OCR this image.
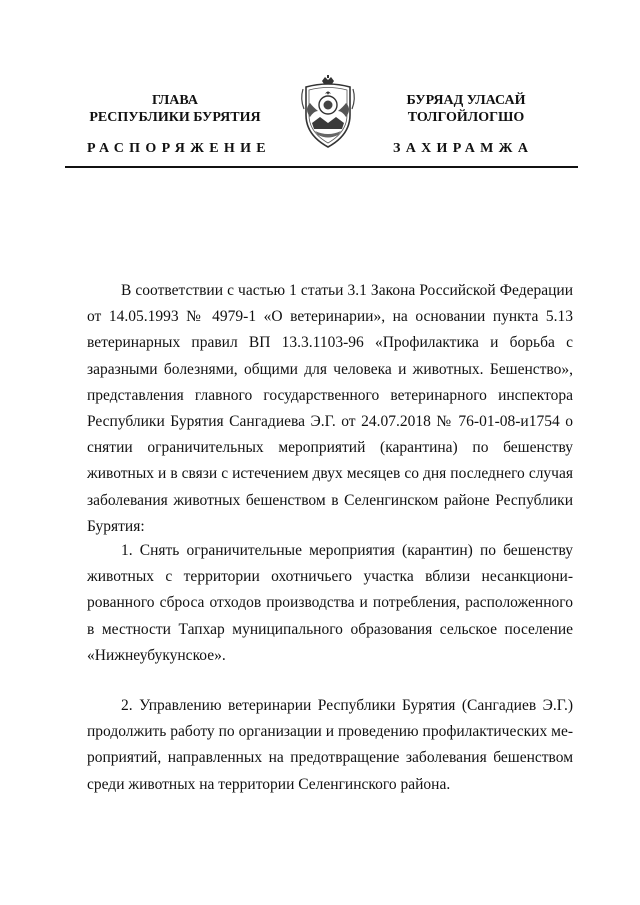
ГЛАВА
РЕСПУБЛИКИ БУРЯТИЯ
РАСПОРЯЖЕНИЕ
БУРЯАД УЛАСАЙ
ТОЛГОЙЛОГШО
ЗАХИРАМЖА

В соответствии с частью 1 статьи 3.1 Закона Российской Федерации от 14.05.1993 № 4979-1 «О ветеринарии», на основании пункта 5.13 ветеринарных правил ВП 13.3.1103-96 «Профилактика и борьба с заразными болезнями, общими для человека и животных. Бешенство», представления главного государственного ветеринарного инспектора Республики Бурятия Сангадиева Э.Г. от 24.07.2018 № 76-01-08-и1754 о снятии ограничительных мероприятий (карантина) по бешенству животных и в связи с истечением двух месяцев со дня последнего случая заболевания животных бешенством в Селенгинском районе Республики Бурятия:

1. Снять ограничительные мероприятия (карантин) по бешенству животных с территории охотничьего участка вблизи несанкционированного сброса отходов производства и потребления, расположенного в местности Тапхар муниципального образования сельское поселение «Нижнеубукунское».

2. Управлению ветеринарии Республики Бурятия (Сангадиев Э.Г.) продолжить работу по организации и проведению профилактических мероприятий, направленных на предотвращение заболевания бешенством среди животных на территории Селенгинского района.
